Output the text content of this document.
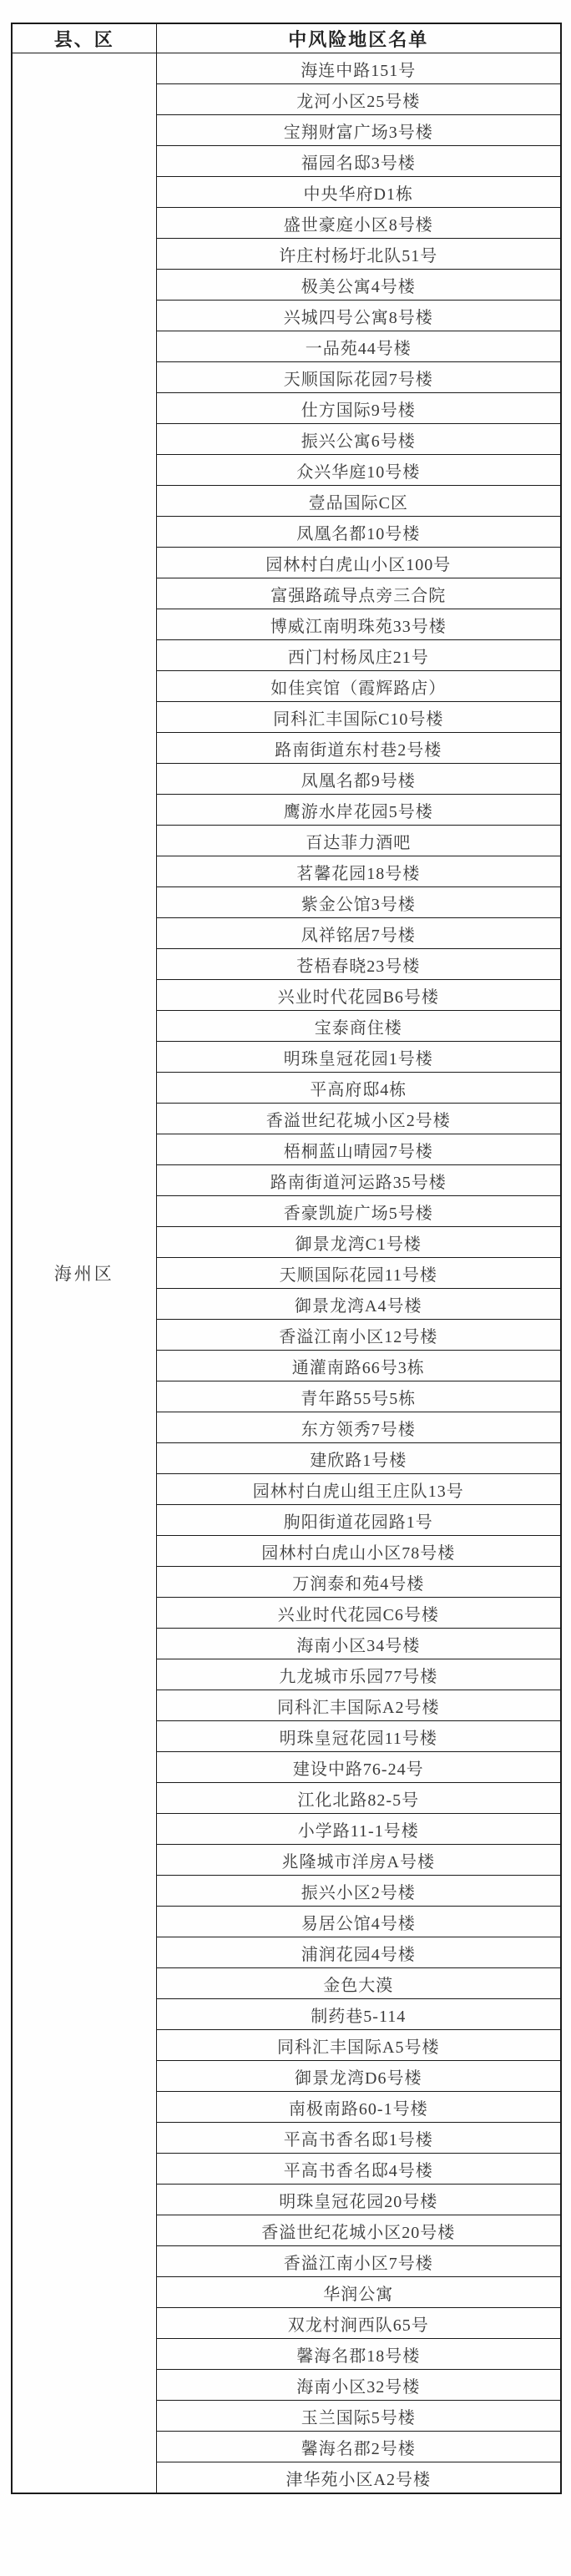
县、区	中风险地区名单
海州区	海连中路151号
	龙河小区25号楼
	宝翔财富广场3号楼
	福园名邸3号楼
	中央华府D1栋
	盛世豪庭小区8号楼
	许庄村杨圩北队51号
	极美公寓4号楼
	兴城四号公寓8号楼
	一品苑44号楼
	天顺国际花园7号楼
	仕方国际9号楼
	振兴公寓6号楼
	众兴华庭10号楼
	壹品国际C区
	凤凰名都10号楼
	园林村白虎山小区100号
	富强路疏导点旁三合院
	博威江南明珠苑33号楼
	西门村杨凤庄21号
	如佳宾馆（霞辉路店）
	同科汇丰国际C10号楼
	路南街道东村巷2号楼
	凤凰名都9号楼
	鹰游水岸花园5号楼
	百达菲力酒吧
	茗馨花园18号楼
	紫金公馆3号楼
	凤祥铭居7号楼
	苍梧春晓23号楼
	兴业时代花园B6号楼
	宝泰商住楼
	明珠皇冠花园1号楼
	平高府邸4栋
	香溢世纪花城小区2号楼
	梧桐蓝山晴园7号楼
	路南街道河运路35号楼
	香豪凯旋广场5号楼
	御景龙湾C1号楼
	天顺国际花园11号楼
	御景龙湾A4号楼
	香溢江南小区12号楼
	通灌南路66号3栋
	青年路55号5栋
	东方领秀7号楼
	建欣路1号楼
	园林村白虎山组王庄队13号
	朐阳街道花园路1号
	园林村白虎山小区78号楼
	万润泰和苑4号楼
	兴业时代花园C6号楼
	海南小区34号楼
	九龙城市乐园77号楼
	同科汇丰国际A2号楼
	明珠皇冠花园11号楼
	建设中路76-24号
	江化北路82-5号
	小学路11-1号楼
	兆隆城市洋房A号楼
	振兴小区2号楼
	易居公馆4号楼
	浦润花园4号楼
	金色大漠
	制药巷5-114
	同科汇丰国际A5号楼
	御景龙湾D6号楼
	南极南路60-1号楼
	平高书香名邸1号楼
	平高书香名邸4号楼
	明珠皇冠花园20号楼
	香溢世纪花城小区20号楼
	香溢江南小区7号楼
	华润公寓
	双龙村涧西队65号
	馨海名郡18号楼
	海南小区32号楼
	玉兰国际5号楼
	馨海名郡2号楼
	津华苑小区A2号楼
